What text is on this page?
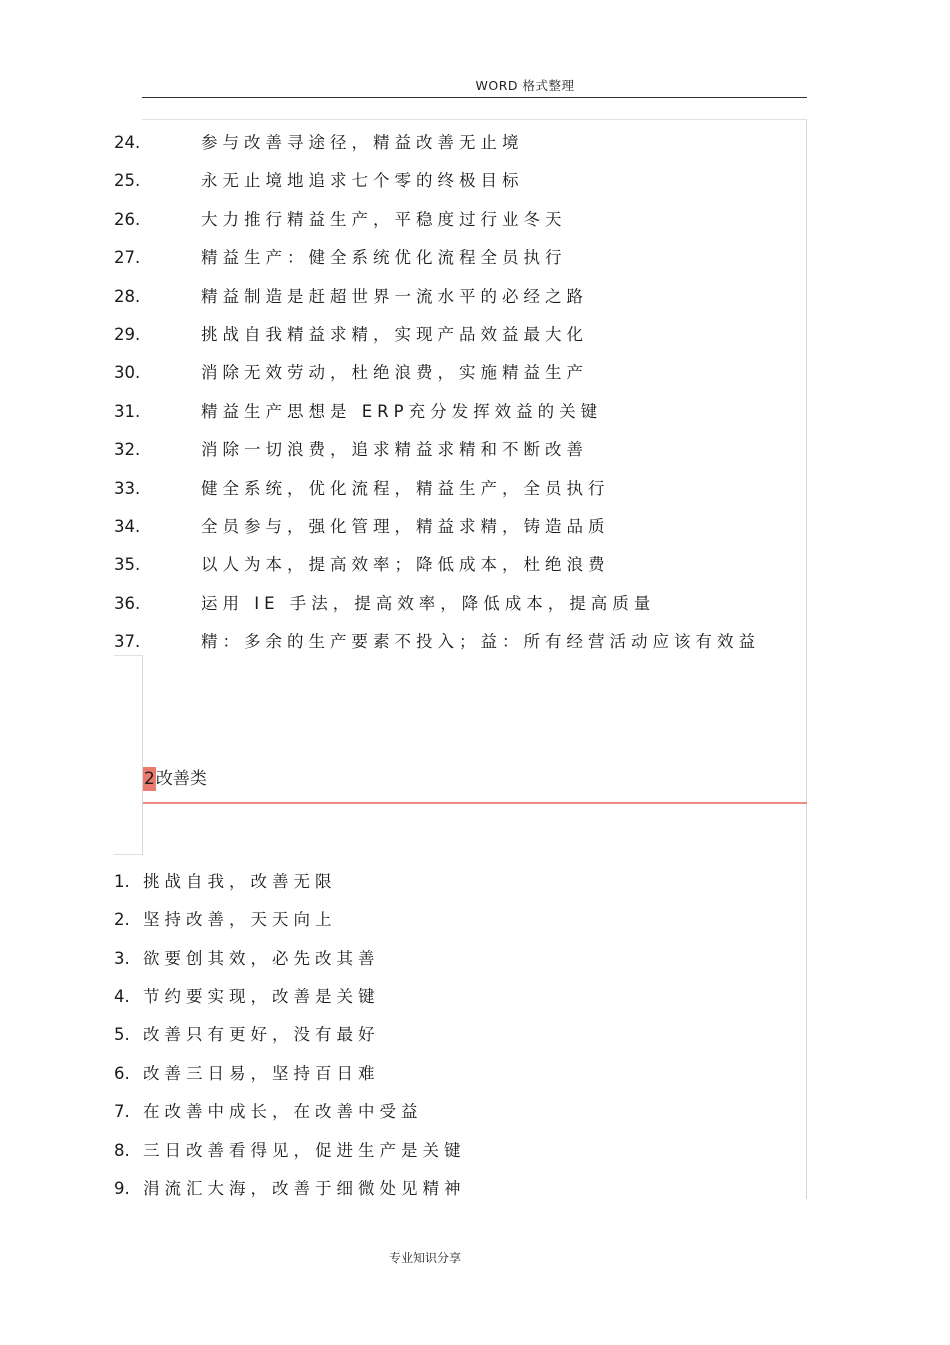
WORD 格式整理
24.	参与改善寻途径，精益改善无止境
25.	永无止境地追求七个零的终极目标
26.	大力推行精益生产，平稳度过行业冬天
27.	精益生产：健全系统优化流程全员执行
28.	精益制造是赶超世界一流水平的必经之路
29.	挑战自我精益求精，实现产品效益最大化
30.	消除无效劳动，杜绝浪费，实施精益生产
31.	精益生产思想是 ERP充分发挥效益的关键
32.	消除一切浪费，追求精益求精和不断改善
33.	健全系统，优化流程，精益生产，全员执行
34.	全员参与，强化管理，精益求精，铸造品质
35.	以人为本，提高效率；降低成本，杜绝浪费
36.	运用 IE 手法，提高效率，降低成本，提高质量
37.	精：多余的生产要素不投入；益：所有经营活动应该有效益
2改善类
1. 挑战自我，改善无限
2. 坚持改善，天天向上
3. 欲要创其效，必先改其善
4. 节约要实现，改善是关键
5. 改善只有更好，没有最好
6. 改善三日易，坚持百日难
7. 在改善中成长，在改善中受益
8. 三日改善看得见，促进生产是关键
9. 涓流汇大海，改善于细微处见精神
专业知识分享
